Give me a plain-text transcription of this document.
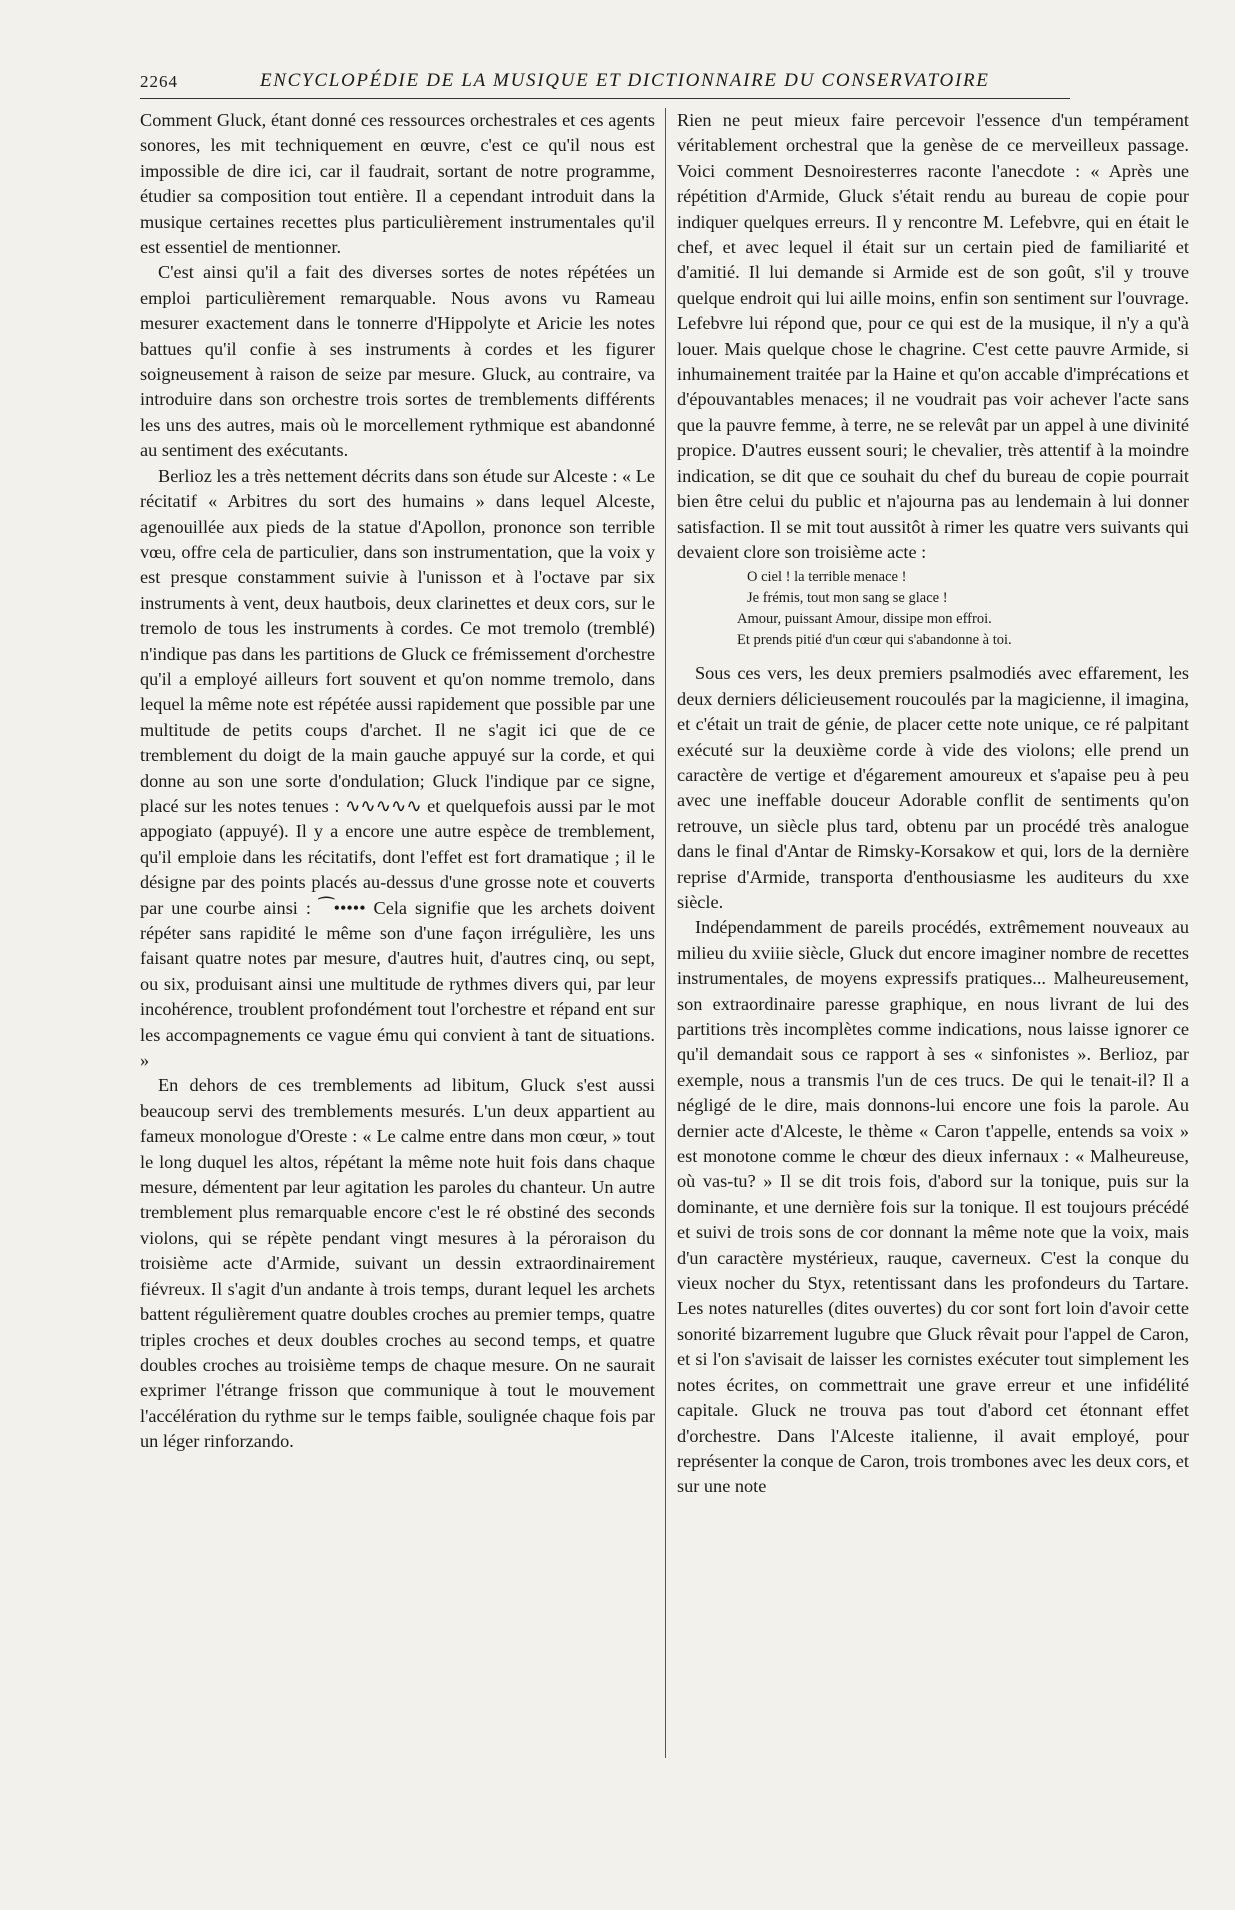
2264	ENCYCLOPÉDIE DE LA MUSIQUE ET DICTIONNAIRE DU CONSERVATOIRE

Comment Gluck, étant donné ces ressources orchestrales et ces agents sonores, les mit techniquement en œuvre, c'est ce qu'il nous est impossible de dire ici, car il faudrait, sortant de notre programme, étudier sa composition tout entière. Il a cependant introduit dans la musique certaines recettes plus particulièrement instrumentales qu'il est essentiel de mentionner.

C'est ainsi qu'il a fait des diverses sortes de notes répétées un emploi particulièrement remarquable. Nous avons vu Rameau mesurer exactement dans le tonnerre d'Hippolyte et Aricie les notes battues qu'il confie à ses instruments à cordes et les figurer soigneusement à raison de seize par mesure. Gluck, au contraire, va introduire dans son orchestre trois sortes de tremblements différents les uns des autres, mais où le morcellement rythmique est abandonné au sentiment des exécutants.

Berlioz les a très nettement décrits dans son étude sur Alceste : « Le récitatif « Arbitres du sort des humains » dans lequel Alceste, agenouillée aux pieds de la statue d'Apollon, prononce son terrible vœu, offre cela de particulier, dans son instrumentation, que la voix y est presque constamment suivie à l'unisson et à l'octave par six instruments à vent, deux hautbois, deux clarinettes et deux cors, sur le tremolo de tous les instruments à cordes. Ce mot tremolo (tremblé) n'indique pas dans les partitions de Gluck ce frémissement d'orchestre qu'il a employé ailleurs fort souvent et qu'on nomme tremolo, dans lequel la même note est répétée aussi rapidement que possible par une multitude de petits coups d'archet. Il ne s'agit ici que de ce tremblement du doigt de la main gauche appuyé sur la corde, et qui donne au son une sorte d'ondulation; Gluck l'indique par ce signe, placé sur les notes tenues : ∿∿∿∿∿ et quelquefois aussi par le mot appogiato (appuyé). Il y a encore une autre espèce de tremblement, qu'il emploie dans les récitatifs, dont l'effet est fort dramatique ; il le désigne par des points placés au-dessus d'une grosse note et couverts par une courbe ainsi : ⁀••••• Cela signifie que les archets doivent répéter sans rapidité le même son d'une façon irrégulière, les uns faisant quatre notes par mesure, d'autres huit, d'autres cinq, ou sept, ou six, produisant ainsi une multitude de rythmes divers qui, par leur incohérence, troublent profondément tout l'orchestre et répand ent sur les accompagnements ce vague ému qui convient à tant de situations. »

En dehors de ces tremblements ad libitum, Gluck s'est aussi beaucoup servi des tremblements mesurés. L'un deux appartient au fameux monologue d'Oreste : « Le calme entre dans mon cœur, » tout le long duquel les altos, répétant la même note huit fois dans chaque mesure, démentent par leur agitation les paroles du chanteur. Un autre tremblement plus remarquable encore c'est le ré obstiné des seconds violons, qui se répète pendant vingt mesures à la péroraison du troisième acte d'Armide, suivant un dessin extraordinairement fiévreux. Il s'agit d'un andante à trois temps, durant lequel les archets battent régulièrement quatre doubles croches au premier temps, quatre triples croches et deux doubles croches au second temps, et quatre doubles croches au troisième temps de chaque mesure. On ne saurait exprimer l'étrange frisson que communique à tout le mouvement l'accélération du rythme sur le temps faible, soulignée chaque fois par un léger rinforzando.

Rien ne peut mieux faire percevoir l'essence d'un tempérament véritablement orchestral que la genèse de ce merveilleux passage. Voici comment Desnoiresterres raconte l'anecdote : « Après une répétition d'Armide, Gluck s'était rendu au bureau de copie pour indiquer quelques erreurs. Il y rencontre M. Lefebvre, qui en était le chef, et avec lequel il était sur un certain pied de familiarité et d'amitié. Il lui demande si Armide est de son goût, s'il y trouve quelque endroit qui lui aille moins, enfin son sentiment sur l'ouvrage. Lefebvre lui répond que, pour ce qui est de la musique, il n'y a qu'à louer. Mais quelque chose le chagrine. C'est cette pauvre Armide, si inhumainement traitée par la Haine et qu'on accable d'imprécations et d'épouvantables menaces; il ne voudrait pas voir achever l'acte sans que la pauvre femme, à terre, ne se relevât par un appel à une divinité propice. D'autres eussent souri; le chevalier, très attentif à la moindre indication, se dit que ce souhait du chef du bureau de copie pourrait bien être celui du public et n'ajourna pas au lendemain à lui donner satisfaction. Il se mit tout aussitôt à rimer les quatre vers suivants qui devaient clore son troisième acte :

O ciel ! la terrible menace !
Je frémis, tout mon sang se glace !
Amour, puissant Amour, dissipe mon effroi.
Et prends pitié d'un cœur qui s'abandonne à toi.

Sous ces vers, les deux premiers psalmodiés avec effarement, les deux derniers délicieusement roucoulés par la magicienne, il imagina, et c'était un trait de génie, de placer cette note unique, ce ré palpitant exécuté sur la deuxième corde à vide des violons; elle prend un caractère de vertige et d'égarement amoureux et s'apaise peu à peu avec une ineffable douceur Adorable conflit de sentiments qu'on retrouve, un siècle plus tard, obtenu par un procédé très analogue dans le final d'Antar de Rimsky-Korsakow et qui, lors de la dernière reprise d'Armide, transporta d'enthousiasme les auditeurs du xxe siècle.

Indépendamment de pareils procédés, extrêmement nouveaux au milieu du xviiie siècle, Gluck dut encore imaginer nombre de recettes instrumentales, de moyens expressifs pratiques... Malheureusement, son extraordinaire paresse graphique, en nous livrant de lui des partitions très incomplètes comme indications, nous laisse ignorer ce qu'il demandait sous ce rapport à ses « sinfonistes ». Berlioz, par exemple, nous a transmis l'un de ces trucs. De qui le tenait-il? Il a négligé de le dire, mais donnons-lui encore une fois la parole. Au dernier acte d'Alceste, le thème « Caron t'appelle, entends sa voix » est monotone comme le chœur des dieux infernaux : « Malheureuse, où vas-tu? » Il se dit trois fois, d'abord sur la tonique, puis sur la dominante, et une dernière fois sur la tonique. Il est toujours précédé et suivi de trois sons de cor donnant la même note que la voix, mais d'un caractère mystérieux, rauque, caverneux. C'est la conque du vieux nocher du Styx, retentissant dans les profondeurs du Tartare. Les notes naturelles (dites ouvertes) du cor sont fort loin d'avoir cette sonorité bizarrement lugubre que Gluck rêvait pour l'appel de Caron, et si l'on s'avisait de laisser les cornistes exécuter tout simplement les notes écrites, on commettrait une grave erreur et une infidélité capitale. Gluck ne trouva pas tout d'abord cet étonnant effet d'orchestre. Dans l'Alceste italienne, il avait employé, pour représenter la conque de Caron, trois trombones avec les deux cors, et sur une note
